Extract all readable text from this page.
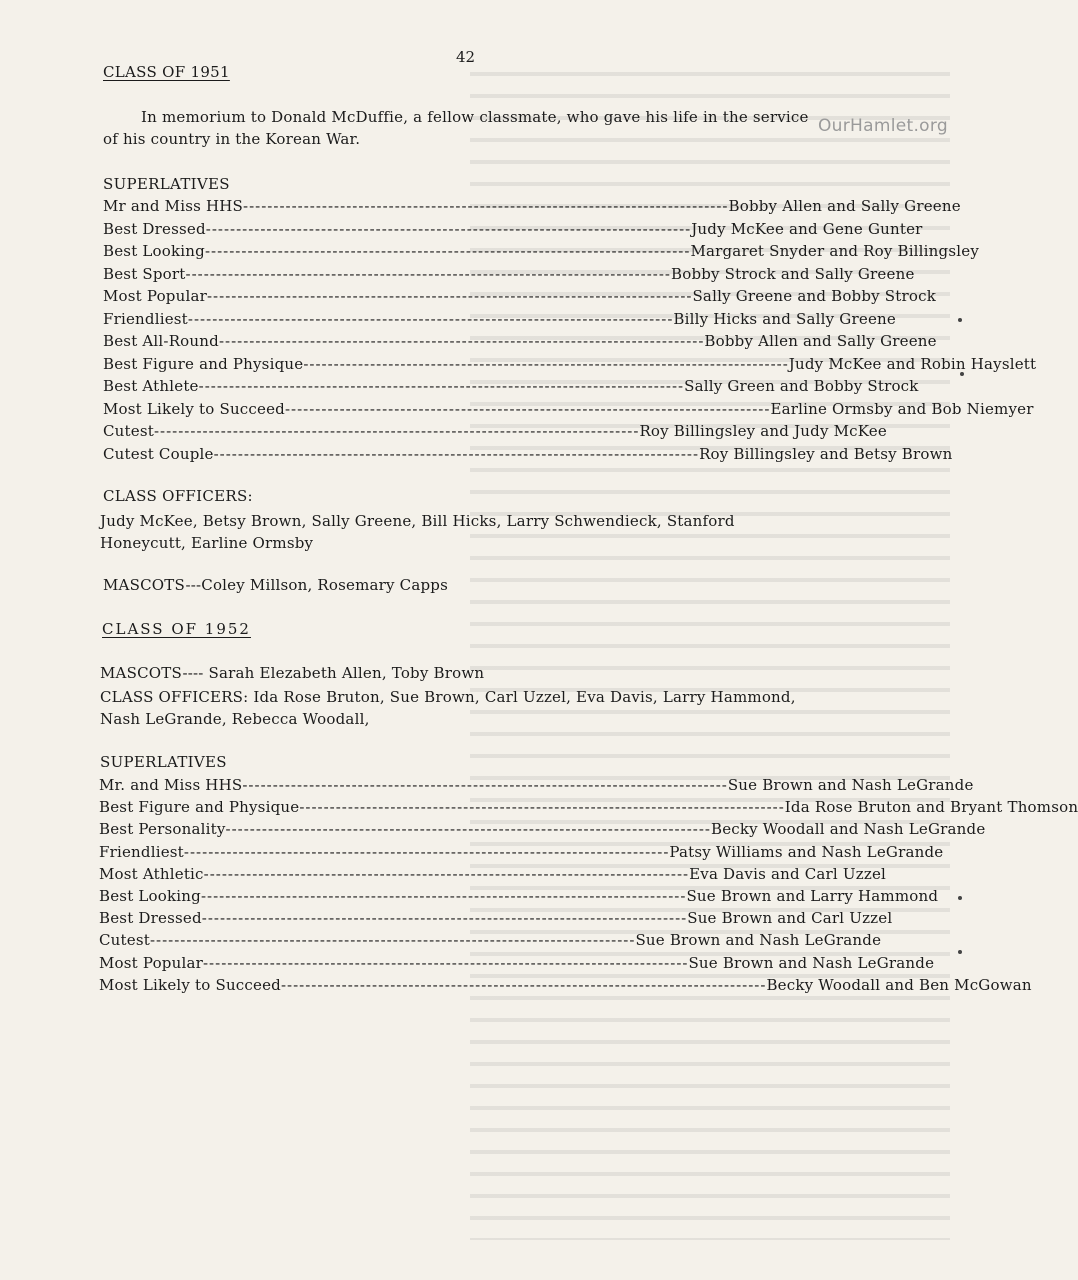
42
OurHamlet.org
CLASS OF 1951
In memorium to Donald McDuffie, a fellow classmate, who gave his life in the service
of his country in the Korean War.
SUPERLATIVES
Mr and Miss HHS -------------------------------------------------------------------------------- Bobby Allen and Sally Greene
Best Dressed -------------------------------------------------------------------------------- Judy McKee and Gene Gunter
Best Looking -------------------------------------------------------------------------------- Margaret Snyder and Roy Billingsley
Best Sport -------------------------------------------------------------------------------- Bobby Strock and Sally Greene
Most Popular -------------------------------------------------------------------------------- Sally Greene and Bobby Strock
Friendliest -------------------------------------------------------------------------------- Billy Hicks and Sally Greene
Best All-Round -------------------------------------------------------------------------------- Bobby Allen and Sally Greene
Best Figure and Physique -------------------------------------------------------------------------------- Judy McKee and Robin Hayslett
Best Athlete -------------------------------------------------------------------------------- Sally Green and Bobby Strock
Most Likely to Succeed -------------------------------------------------------------------------------- Earline Ormsby and Bob Niemyer
Cutest -------------------------------------------------------------------------------- Roy Billingsley and Judy McKee
Cutest Couple -------------------------------------------------------------------------------- Roy Billingsley and Betsy Brown
CLASS OFFICERS:
Judy McKee, Betsy Brown, Sally Greene, Bill Hicks, Larry Schwendieck, Stanford
Honeycutt, Earline Ormsby
MASCOTS---Coley Millson, Rosemary Capps
CLASS OF 1952
MASCOTS---- Sarah Elezabeth Allen, Toby Brown
CLASS OFFICERS: Ida Rose Bruton, Sue Brown, Carl Uzzel, Eva Davis, Larry Hammond,
Nash LeGrande, Rebecca Woodall,
SUPERLATIVES
Mr. and Miss HHS -------------------------------------------------------------------------------- Sue Brown and Nash LeGrande
Best Figure and Physique -------------------------------------------------------------------------------- Ida Rose Bruton and Bryant Thomson
Best Personality -------------------------------------------------------------------------------- Becky Woodall and Nash LeGrande
Friendliest -------------------------------------------------------------------------------- Patsy Williams and Nash LeGrande
Most Athletic -------------------------------------------------------------------------------- Eva Davis and Carl Uzzel
Best Looking -------------------------------------------------------------------------------- Sue Brown and Larry Hammond
Best Dressed -------------------------------------------------------------------------------- Sue Brown and Carl Uzzel
Cutest -------------------------------------------------------------------------------- Sue Brown and Nash LeGrande
Most Popular -------------------------------------------------------------------------------- Sue Brown and Nash LeGrande
Most Likely to Succeed -------------------------------------------------------------------------------- Becky Woodall and Ben McGowan
